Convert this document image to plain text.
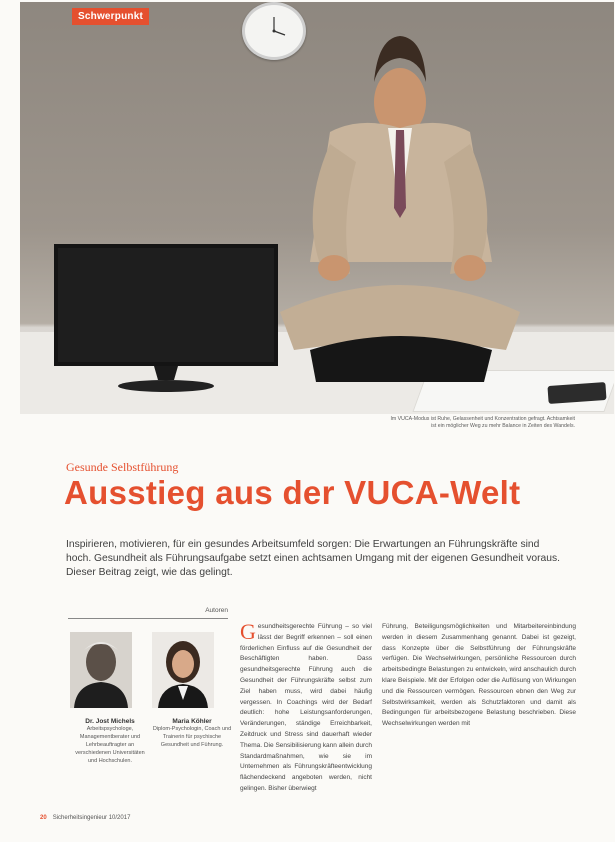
Schwerpunkt
Im VUCA-Modus ist Ruhe, Gelassenheit und Konzentration gefragt. Achtsamkeit
ist ein möglicher Weg zu mehr Balance in Zeiten des Wandels.
Gesunde Selbstführung
Ausstieg aus der VUCA-Welt
Inspirieren, motivieren, für ein gesundes Arbeitsumfeld sorgen: Die Erwartungen an Führungskräfte sind hoch. Gesundheit als Führungsaufgabe setzt einen achtsamen Umgang mit der eigenen Gesundheit voraus. Dieser Beitrag zeigt, wie das gelingt.
Autoren
Dr. Jost Michels
Arbeitspsychologe, Managementberater und Lehrbeauftragter an verschiedenen Universitäten und Hochschulen.
Maria Köhler
Diplom-Psychologin, Coach und Trainerin für psychische Gesundheit und Führung.
Gesundheitsgerechte Führung – so viel lässt der Begriff erkennen – soll einen förderlichen Einfluss auf die Gesundheit der Beschäftigten haben. Dass gesundheitsgerechte Führung auch die Gesundheit der Führungskräfte selbst zum Ziel haben muss, wird dabei häufig vergessen. In Coachings wird der Bedarf deutlich: hohe Leistungsanforderungen, Veränderungen, ständige Erreichbarkeit, Zeitdruck und Stress sind dauerhaft wieder Thema. Die Sensibilisierung kann allein durch Standardmaßnahmen, wie sie im Unternehmen als Führungskräfteentwicklung flächendeckend angeboten werden, nicht gelingen. Bisher überwiegt
Führung, Beteiligungsmöglichkeiten und Mitarbeitereinbindung werden in diesem Zusammenhang genannt. Dabei ist gezeigt, dass Konzepte über die Selbstführung der Führungskräfte verfügen. Die Wechselwirkungen, persönliche Ressourcen durch arbeitsbedingte Belastungen zu entwickeln, wird anschaulich durch klare Beispiele. Mit der Erfolgen oder die Auflösung von Wirkungen und die Ressourcen vermögen. Ressourcen ebnen den Weg zur Selbstwirksamkeit, werden als Schutzfaktoren und damit als Bedingungen für arbeitsbezogene Belastung beschrieben. Diese Wechselwirkungen werden mit
20 Sicherheitsingenieur 10/2017
